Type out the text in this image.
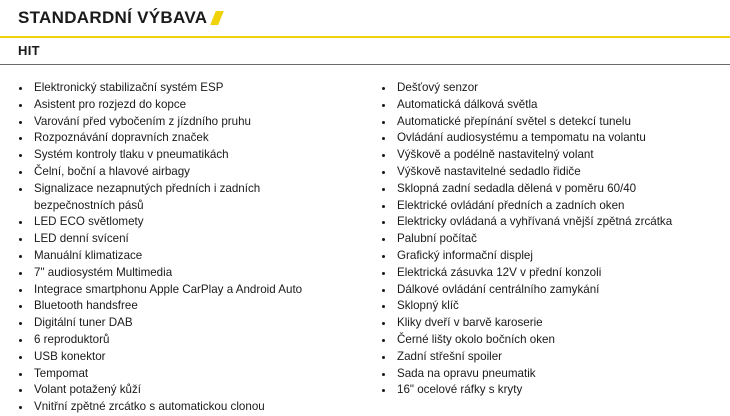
STANDARDNÍ VÝBAVA
HIT
Elektronický stabilizační systém ESP
Asistent pro rozjezd do kopce
Varování před vybočením z jízdního pruhu
Rozpoznávání dopravních značek
Systém kontroly tlaku v pneumatikách
Čelní, boční a hlavové airbagy
Signalizace nezapnutých předních i zadních
bezpečnostních pásů
LED ECO světlomety
LED denní svícení
Manuální klimatizace
7" audiosystém Multimedia
Integrace smartphonu Apple CarPlay a Android Auto
Bluetooth handsfree
Digitální tuner DAB
6 reproduktorů
USB konektor
Tempomat
Volant potažený kůží
Vnitřní zpětné zrcátko s automatickou clonou
Dešťový senzor
Automatická dálková světla
Automatické přepínání světel s detekcí tunelu
Ovládání audiosystému a tempomatu na volantu
Výškově a podélně nastavitelný volant
Výškově nastavitelné sedadlo řidiče
Sklopná zadní sedadla dělená v poměru 60/40
Elektrické ovládání předních a zadních oken
Elektricky ovládaná a vyhřívaná vnější zpětná zrcátka
Palubní počítač
Grafický informační displej
Elektrická zásuvka 12V v přední konzoli
Dálkové ovládání centrálního zamykání
Sklopný klíč
Kliky dveří v barvě karoserie
Černé lišty okolo bočních oken
Zadní střešní spoiler
Sada na opravu pneumatik
16" ocelové ráfky s kryty
